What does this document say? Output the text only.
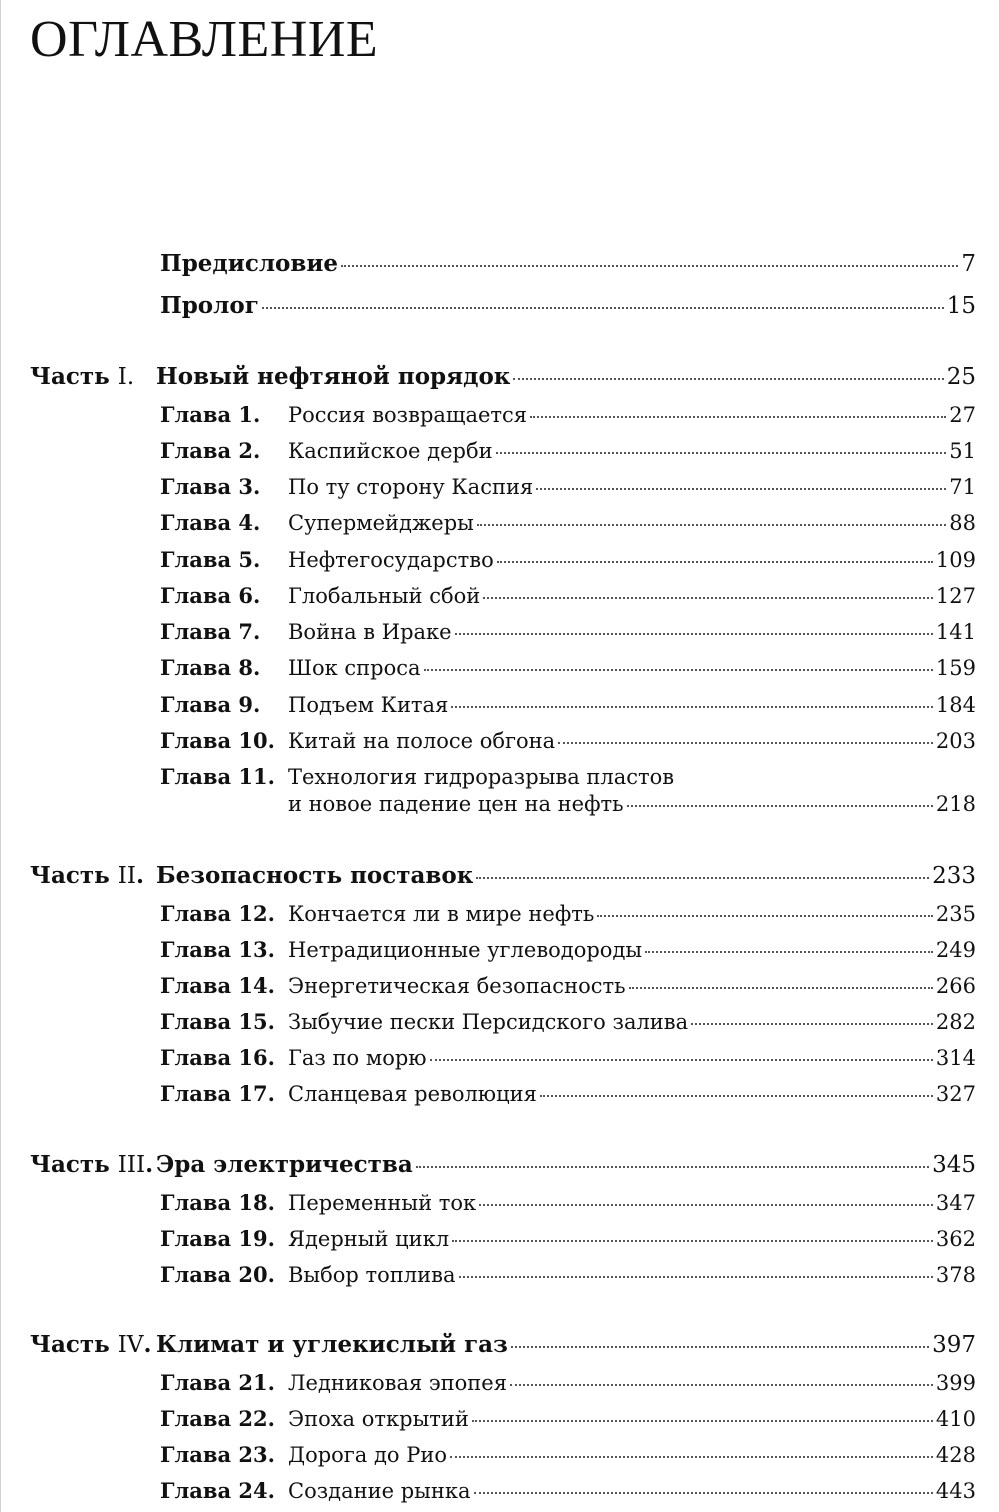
ОГЛАВЛЕНИЕ
Предисловие	7
Пролог	15
Часть I. Новый нефтяной порядок	25
Глава 1.	Россия возвращается	27
Глава 2.	Каспийское дерби	51
Глава 3.	По ту сторону Каспия	71
Глава 4.	Супермейджеры	88
Глава 5.	Нефтегосударство	109
Глава 6.	Глобальный сбой	127
Глава 7.	Война в Ираке	141
Глава 8.	Шок спроса	159
Глава 9.	Подъем Китая	184
Глава 10. Китай на полосе обгона	203
Глава 11. Технология гидроразрыва пластов
и новое падение цен на нефть	218
Часть II. Безопасность поставок	233
Глава 12. Кончается ли в мире нефть	235
Глава 13. Нетрадиционные углеводороды	249
Глава 14. Энергетическая безопасность	266
Глава 15. Зыбучие пески Персидского залива	282
Глава 16. Газ по морю	314
Глава 17. Сланцевая революция	327
Часть III. Эра электричества	345
Глава 18. Переменный ток	347
Глава 19. Ядерный цикл	362
Глава 20. Выбор топлива	378
Часть IV. Климат и углекислый газ	397
Глава 21. Ледниковая эпопея	399
Глава 22. Эпоха открытий	410
Глава 23. Дорога до Рио	428
Глава 24. Создание рынка	443
